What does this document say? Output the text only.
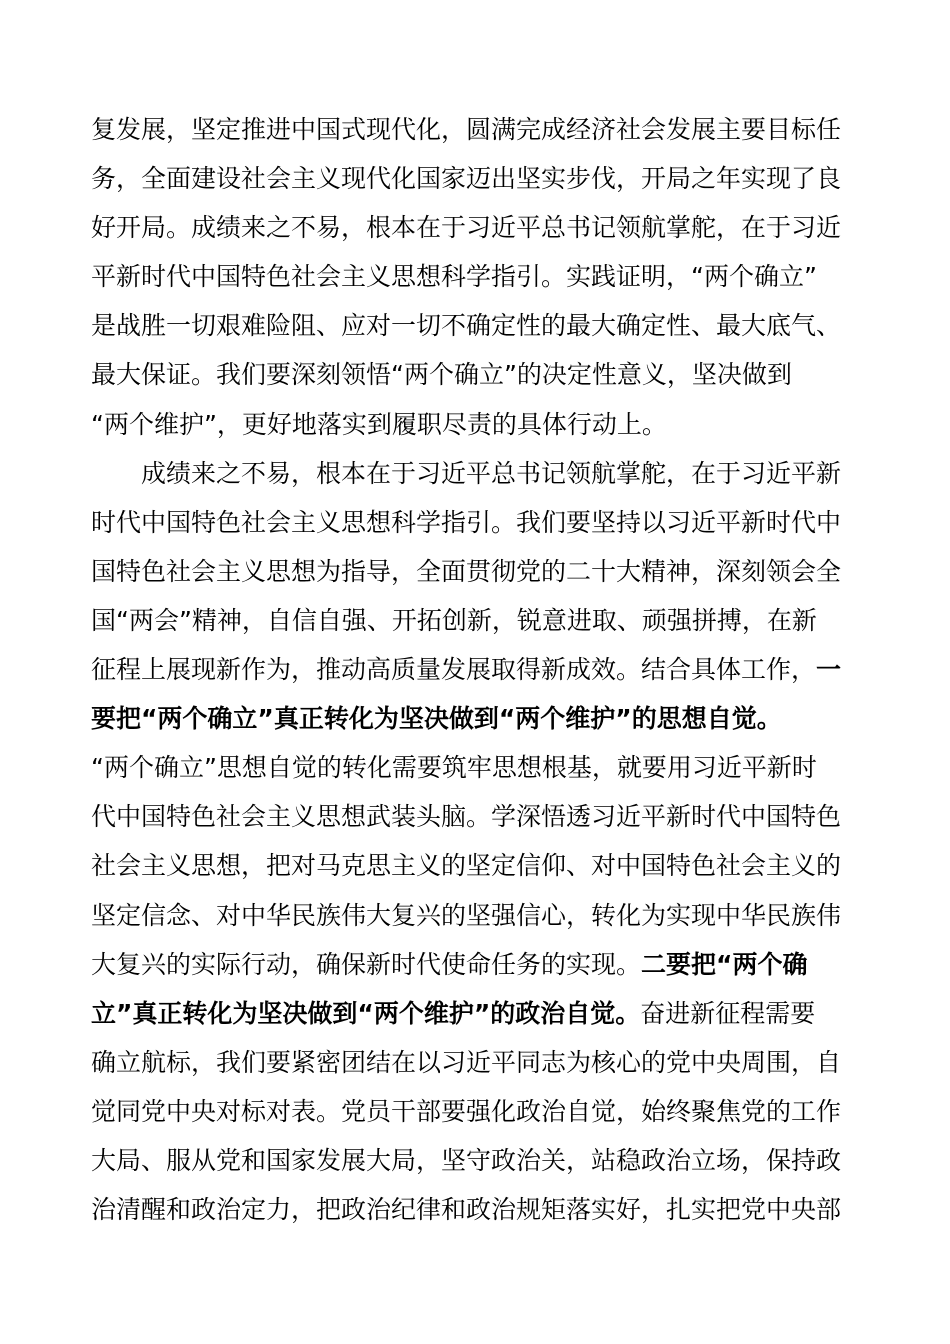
复发展，坚定推进中国式现代化，圆满完成经济社会发展主要目标任
务，全面建设社会主义现代化国家迈出坚实步伐，开局之年实现了良
好开局。成绩来之不易，根本在于习近平总书记领航掌舵，在于习近
平新时代中国特色社会主义思想科学指引。实践证明，“两个确立”
是战胜一切艰难险阻、应对一切不确定性的最大确定性、最大底气、
最大保证。我们要深刻领悟“两个确立”的决定性意义，坚决做到
“两个维护”，更好地落实到履职尽责的具体行动上。
　　成绩来之不易，根本在于习近平总书记领航掌舵，在于习近平新
时代中国特色社会主义思想科学指引。我们要坚持以习近平新时代中
国特色社会主义思想为指导，全面贯彻党的二十大精神，深刻领会全
国“两会”精神，自信自强、开拓创新，锐意进取、顽强拼搏，在新
征程上展现新作为，推动高质量发展取得新成效。结合具体工作，一
要把“两个确立”真正转化为坚决做到“两个维护”的思想自觉。
“两个确立”思想自觉的转化需要筑牢思想根基，就要用习近平新时
代中国特色社会主义思想武装头脑。学深悟透习近平新时代中国特色
社会主义思想，把对马克思主义的坚定信仰、对中国特色社会主义的
坚定信念、对中华民族伟大复兴的坚强信心，转化为实现中华民族伟
大复兴的实际行动，确保新时代使命任务的实现。二要把“两个确
立”真正转化为坚决做到“两个维护”的政治自觉。奋进新征程需要
确立航标，我们要紧密团结在以习近平同志为核心的党中央周围，自
觉同党中央对标对表。党员干部要强化政治自觉，始终聚焦党的工作
大局、服从党和国家发展大局，坚守政治关，站稳政治立场，保持政
治清醒和政治定力，把政治纪律和政治规矩落实好，扎实把党中央部
